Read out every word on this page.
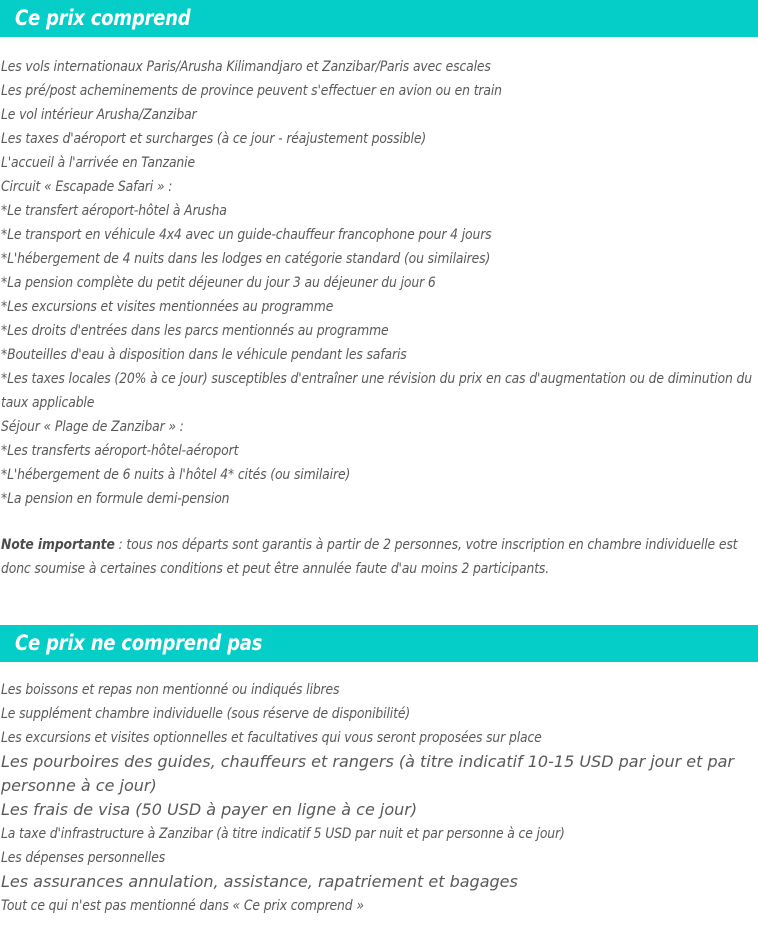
Ce prix comprend
Les vols internationaux Paris/Arusha Kilimandjaro et Zanzibar/Paris avec escales
Les pré/post acheminements de province peuvent s'effectuer en avion ou en train
Le vol intérieur Arusha/Zanzibar
Les taxes d'aéroport et surcharges (à ce jour - réajustement possible)
L'accueil à l'arrivée en Tanzanie
Circuit « Escapade Safari » :
*Le transfert aéroport-hôtel à Arusha
*Le transport en véhicule 4x4 avec un guide-chauffeur francophone pour 4 jours
*L'hébergement de 4 nuits dans les lodges en catégorie standard (ou similaires)
*La pension complète du petit déjeuner du jour 3 au déjeuner du jour 6
*Les excursions et visites mentionnées au programme
*Les droits d'entrées dans les parcs mentionnés au programme
*Bouteilles d'eau à disposition dans le véhicule pendant les safaris
*Les taxes locales (20% à ce jour) susceptibles d'entraîner une révision du prix en cas d'augmentation ou de diminution du taux applicable
Séjour « Plage de Zanzibar » :
*Les transferts aéroport-hôtel-aéroport
*L'hébergement de 6 nuits à l'hôtel 4* cités (ou similaire)
*La pension en formule demi-pension
Note importante : tous nos départs sont garantis à partir de 2 personnes, votre inscription en chambre individuelle est donc soumise à certaines conditions et peut être annulée faute d'au moins 2 participants.
Ce prix ne comprend pas
Les boissons et repas non mentionné ou indiqués libres
Le supplément chambre individuelle (sous réserve de disponibilité)
Les excursions et visites optionnelles et facultatives qui vous seront proposées sur place
Les pourboires des guides, chauffeurs et rangers (à titre indicatif 10-15 USD par jour et par personne à ce jour)
Les frais de visa (50 USD à payer en ligne à ce jour)
La taxe d'infrastructure à Zanzibar (à titre indicatif 5 USD par nuit et par personne à ce jour)
Les dépenses personnelles
Les assurances annulation, assistance, rapatriement et bagages
Tout ce qui n'est pas mentionné dans « Ce prix comprend »
